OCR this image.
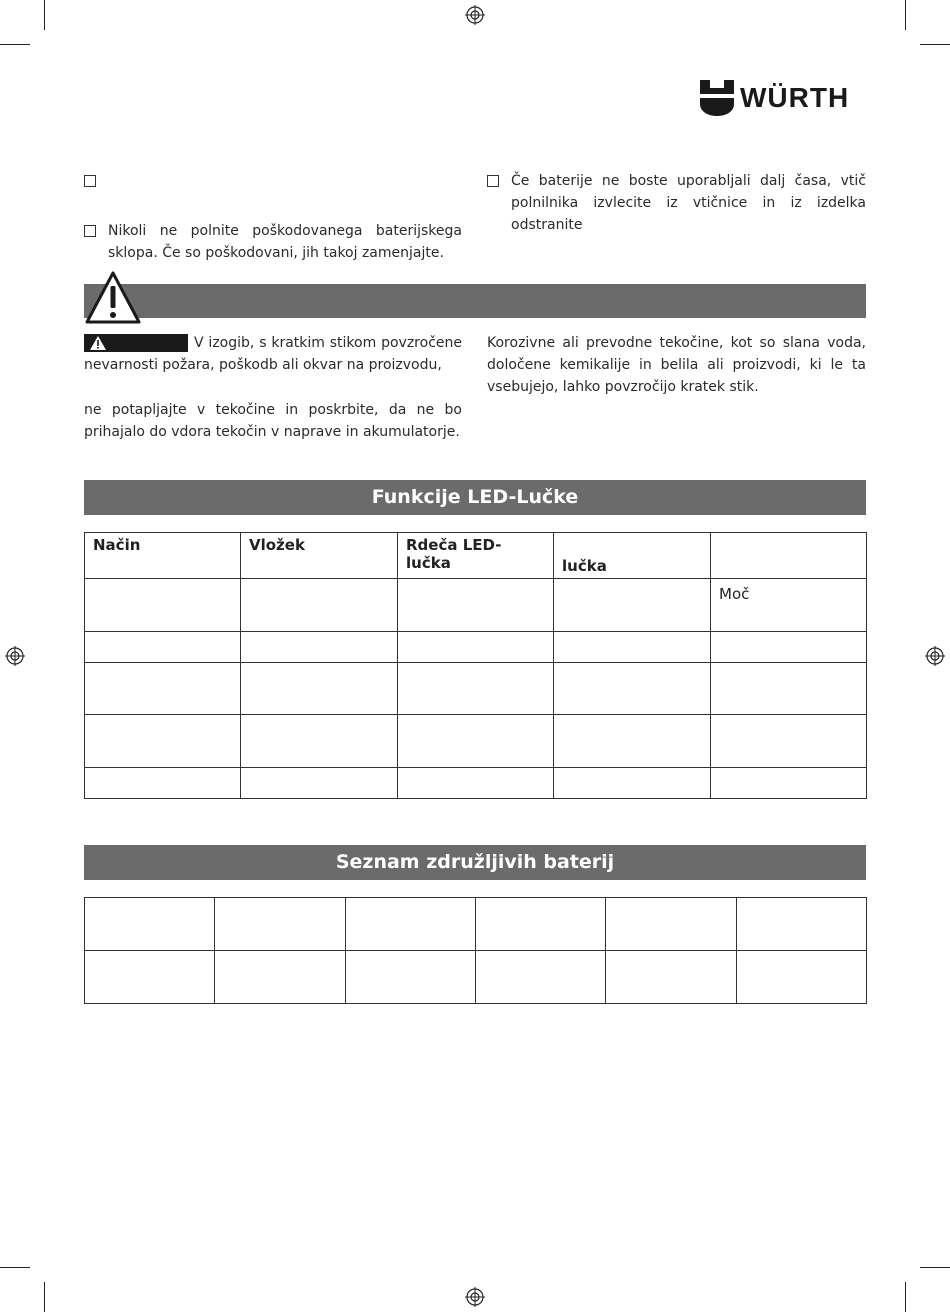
WÜRTH
Nikoli ne polnite poškodovanega baterijskega sklopa. Če so poškodovani, jih takoj zamenjajte.
Če baterije ne boste uporabljali dalj časa, vtič polnilnika izvlecite iz vtičnice in iz izdelka odstranite
V izogib, s kratkim stikom povzročene nevarnosti požara, poškodb ali okvar na proizvodu,
ne potapljajte v tekočine in poskrbite, da ne bo prihajalo do vdora tekočin v naprave in akumulatorje.
Korozivne ali prevodne tekočine, kot so slana voda, določene kemikalije in belila ali proizvodi, ki le ta vsebujejo, lahko povzročijo kratek stik.
Funkcije LED-Lučke
Način	Vložek	Rdeča LED-lučka	lučka	
				Moč

Seznam združljivih baterij
